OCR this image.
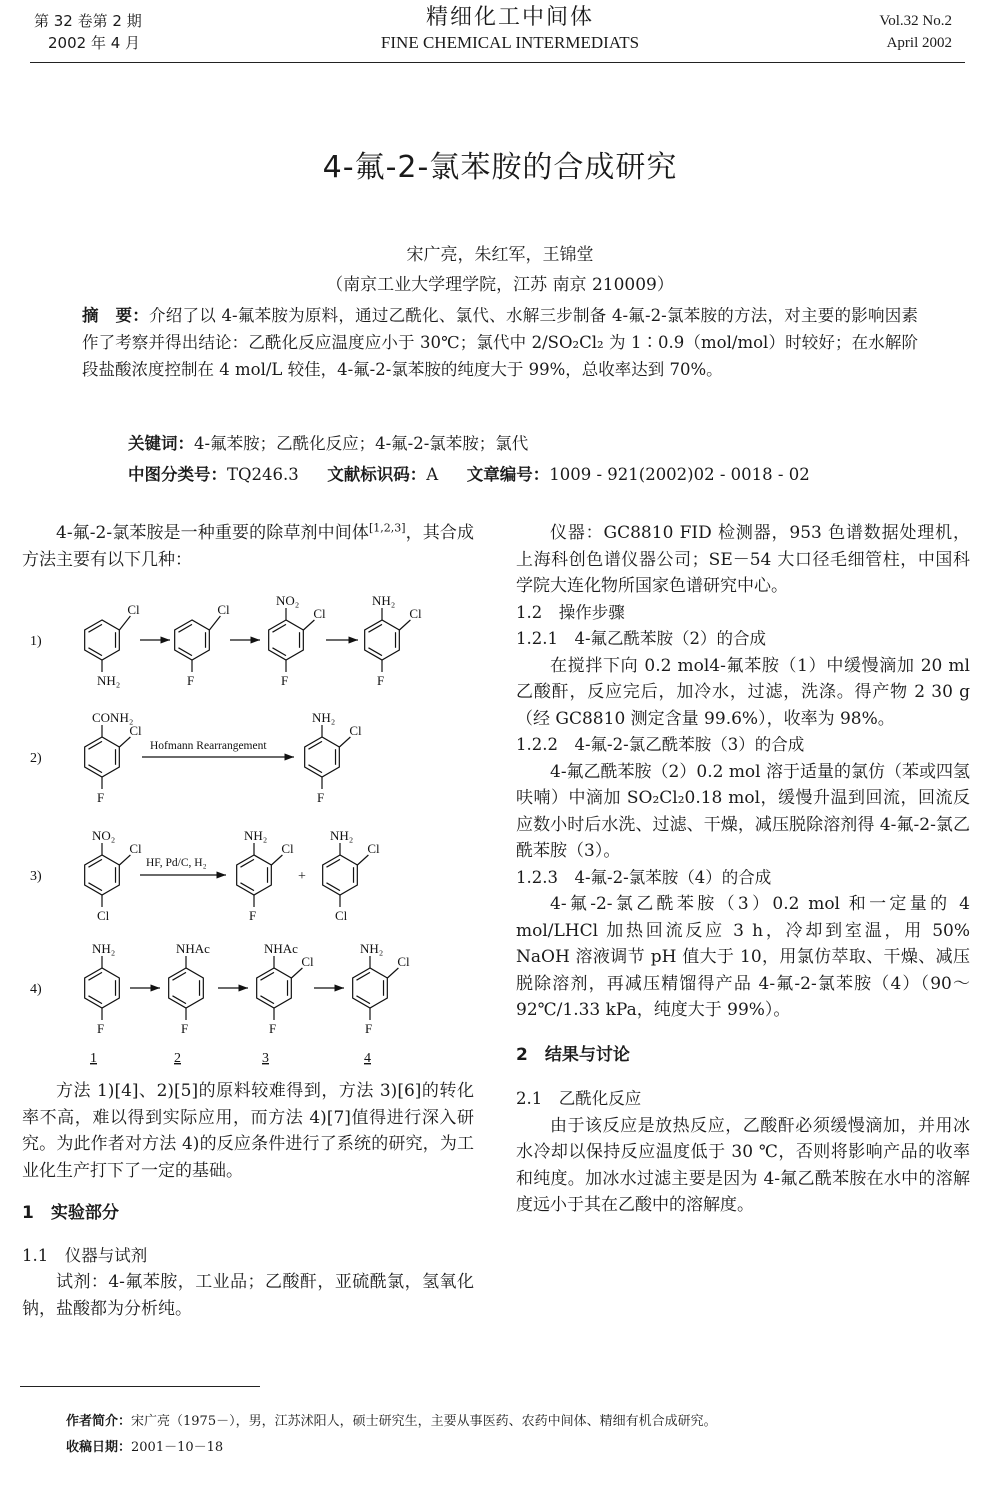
第 32 卷第 2 期
2002 年 4 月
精细化工中间体
FINE CHEMICAL INTERMEDIATS
Vol.32 No.2
April 2002
4-氟-2-氯苯胺的合成研究
宋广亮，朱红军，王锦堂
（南京工业大学理学院，江苏 南京 210009）
摘　要：介绍了以 4-氟苯胺为原料，通过乙酰化、氯代、水解三步制备 4-氟-2-氯苯胺的方法，对主要的影响因素作了考察并得出结论：乙酰化反应温度应小于 30℃；氯代中 2/SO₂Cl₂ 为 1∶0.9（mol/mol）时较好；在水解阶段盐酸浓度控制在 4 mol/L 较佳，4-氟-2-氯苯胺的纯度大于 99%，总收率达到 70%。
关键词：4-氟苯胺；乙酰化反应；4-氟-2-氯苯胺；氯代
中图分类号：TQ246.3 文献标识码：A 文章编号：1009 - 921(2002)02 - 0018 - 02

4-氟-2-氯苯胺是一种重要的除草剂中间体[1,2,3]，其合成方法主要有以下几种：

1)
NH₂
Cl
F
Cl
NO₂
Cl
F
NH₂
Cl
F
2)
CONH₂
Cl
F
Hofmann Rearrangement
NH₂
Cl
F
3)
NO₂
Cl
Cl
HF, Pd/C, H₂
NH₂
Cl
F
+
NH₂
Cl
Cl
4)
NH₂
F
NHAc
F
NHAc
Cl
F
NH₂
Cl
F
1	2	3	4

方法 1)[4]、2)[5]的原料较难得到，方法 3)[6]的转化率不高，难以得到实际应用，而方法 4)[7]值得进行深入研究。为此作者对方法 4)的反应条件进行了系统的研究，为工业化生产打下了一定的基础。

1　实验部分

1.1　仪器与试剂

试剂：4-氟苯胺，工业品；乙酸酐，亚硫酰氯，氢氧化钠，盐酸都为分析纯。

仪器：GC8810 FID 检测器，953 色谱数据处理机，上海科创色谱仪器公司；SE－54 大口径毛细管柱，中国科学院大连化物所国家色谱研究中心。

1.2　操作步骤

1.2.1　4-氟乙酰苯胺（2）的合成

在搅拌下向 0.2 mol4-氟苯胺（1）中缓慢滴加 20 ml 乙酸酐，反应完后，加冷水，过滤，洗涤。得产物 2 30 g（经 GC8810 测定含量 99.6%），收率为 98%。

1.2.2　4-氟-2-氯乙酰苯胺（3）的合成

4-氟乙酰苯胺（2）0.2 mol 溶于适量的氯仿（苯或四氢呋喃）中滴加 SO₂Cl₂0.18 mol，缓慢升温到回流，回流反应数小时后水洗、过滤、干燥，减压脱除溶剂得 4-氟-2-氯乙酰苯胺（3）。

1.2.3　4-氟-2-氯苯胺（4）的合成

4-氟-2-氯乙酰苯胺（3）0.2 mol 和一定量的 4 mol/LHCl 加热回流反应 3 h，冷却到室温，用 50% NaOH 溶液调节 pH 值大于 10，用氯仿萃取、干燥、减压脱除溶剂，再减压精馏得产品 4-氟-2-氯苯胺（4）（90～92℃/1.33 kPa，纯度大于 99%）。

2　结果与讨论

2.1　乙酰化反应

由于该反应是放热反应，乙酸酐必须缓慢滴加，并用冰水冷却以保持反应温度低于 30 ℃，否则将影响产品的收率和纯度。加冰水过滤主要是因为 4-氟乙酰苯胺在水中的溶解度远小于其在乙酸中的溶解度。

作者简介：宋广亮（1975－），男，江苏沭阳人，硕士研究生，主要从事医药、农药中间体、精细有机合成研究。
收稿日期：2001－10－18
